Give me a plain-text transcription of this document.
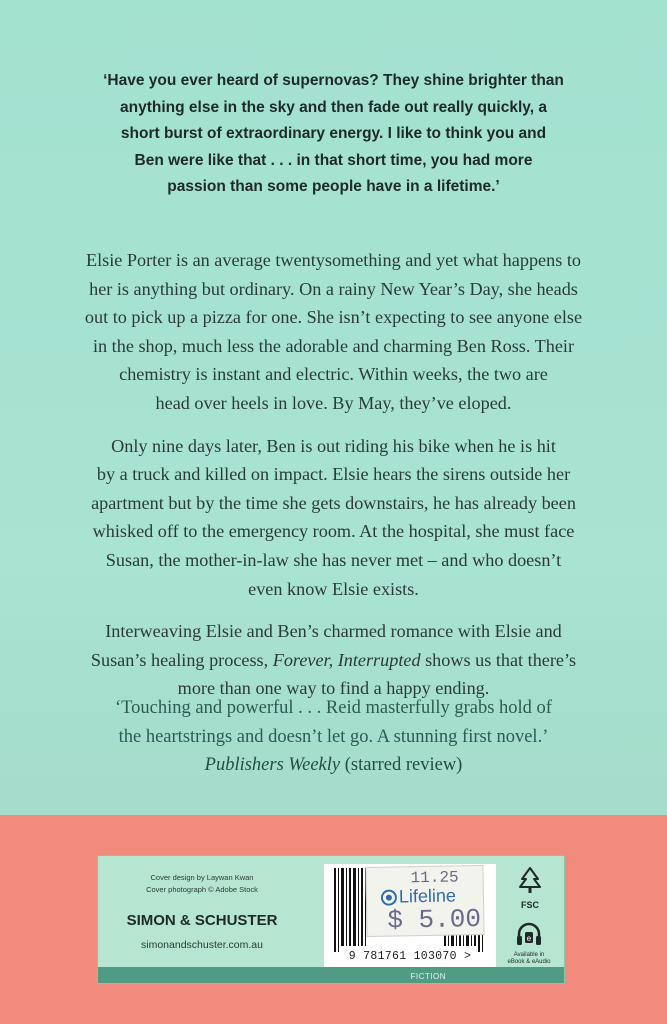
‘Have you ever heard of supernovas? They shine brighter than
anything else in the sky and then fade out really quickly, a
short burst of extraordinary energy. I like to think you and
Ben were like that . . . in that short time, you had more
passion than some people have in a lifetime.’

Elsie Porter is an average twentysomething and yet what happens to
her is anything but ordinary. On a rainy New Year’s Day, she heads
out to pick up a pizza for one. She isn’t expecting to see anyone else
in the shop, much less the adorable and charming Ben Ross. Their
chemistry is instant and electric. Within weeks, the two are
head over heels in love. By May, they’ve eloped.

Only nine days later, Ben is out riding his bike when he is hit
by a truck and killed on impact. Elsie hears the sirens outside her
apartment but by the time she gets downstairs, he has already been
whisked off to the emergency room. At the hospital, she must face
Susan, the mother-in-law she has never met – and who doesn’t
even know Elsie exists.

Interweaving Elsie and Ben’s charmed romance with Elsie and
Susan’s healing process, Forever, Interrupted shows us that there’s
more than one way to find a happy ending.

‘Touching and powerful . . . Reid masterfully grabs hold of
the heartstrings and doesn’t let go. A stunning first novel.’
Publishers Weekly (starred review)
Cover design by Laywan Kwan
Cover photograph © Adobe Stock
SIMON & SCHUSTER
simonandschuster.com.au
9 781761 103070 >
11.25
Lifeline
$ 5.00	FSC
e
Available in
eBook & eAudio
FICTION
